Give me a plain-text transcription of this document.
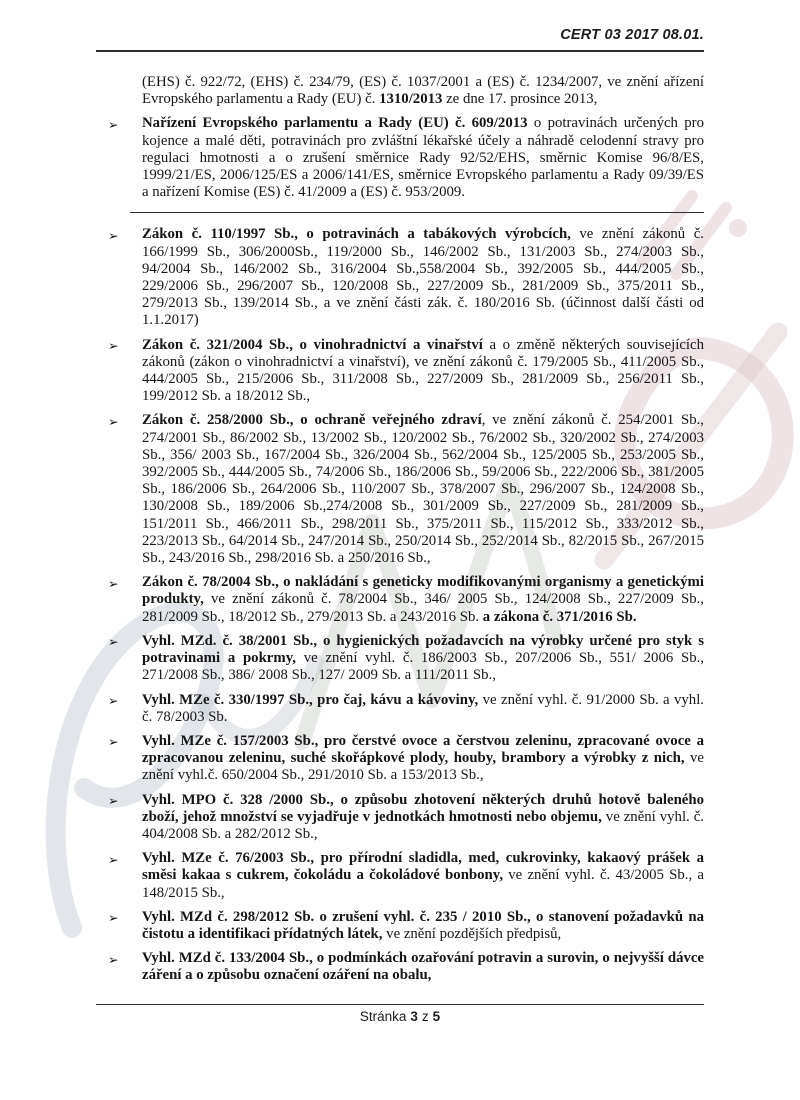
CERT 03 2017 08.01.
(EHS) č. 922/72, (EHS) č. 234/79, (ES) č. 1037/2001 a (ES) č. 1234/2007, ve znění ařízení Evropského parlamentu a Rady (EU) č. 1310/2013 ze dne 17. prosince 2013,
➢ Nařízení Evropského parlamentu a Rady (EU) č. 609/2013 o potravinách určených pro kojence a malé děti, potravinách pro zvláštní lékařské účely a náhradě celodenní stravy pro regulaci hmotnosti a o zrušení směrnice Rady 92/52/EHS, směrnic Komise 96/8/ES, 1999/21/ES, 2006/125/ES a 2006/141/ES, směrnice Evropského parlamentu a Rady 09/39/ES a nařízení Komise (ES) č. 41/2009 a (ES) č. 953/2009.
➢ Zákon č. 110/1997 Sb., o potravinách a tabákových výrobcích, ve znění zákonů č. 166/1999 Sb., 306/2000Sb., 119/2000 Sb., 146/2002 Sb., 131/2003 Sb., 274/2003 Sb., 94/2004 Sb., 146/2002 Sb., 316/2004 Sb.,558/2004 Sb., 392/2005 Sb., 444/2005 Sb., 229/2006 Sb., 296/2007 Sb., 120/2008 Sb., 227/2009 Sb., 281/2009 Sb., 375/2011 Sb., 279/2013 Sb., 139/2014 Sb., a ve znění části zák. č. 180/2016 Sb. (účinnost další části od 1.1.2017)
➢ Zákon č. 321/2004 Sb., o vinohradnictví a vinařství a o změně některých souvisejících zákonů (zákon o vinohradnictví a vinařství), ve znění zákonů č. 179/2005 Sb., 411/2005 Sb., 444/2005 Sb., 215/2006 Sb., 311/2008 Sb., 227/2009 Sb., 281/2009 Sb., 256/2011 Sb., 199/2012 Sb. a 18/2012 Sb.,
➢ Zákon č. 258/2000 Sb., o ochraně veřejného zdraví, ve znění zákonů č. 254/2001 Sb., 274/2001 Sb., 86/2002 Sb., 13/2002 Sb., 120/2002 Sb., 76/2002 Sb., 320/2002 Sb., 274/2003 Sb., 356/ 2003 Sb., 167/2004 Sb., 326/2004 Sb., 562/2004 Sb., 125/2005 Sb., 253/2005 Sb., 392/2005 Sb., 444/2005 Sb., 74/2006 Sb., 186/2006 Sb., 59/2006 Sb., 222/2006 Sb., 381/2005 Sb., 186/2006 Sb., 264/2006 Sb., 110/2007 Sb., 378/2007 Sb., 296/2007 Sb., 124/2008 Sb., 130/2008 Sb., 189/2006 Sb.,274/2008 Sb., 301/2009 Sb., 227/2009 Sb., 281/2009 Sb., 151/2011 Sb., 466/2011 Sb., 298/2011 Sb., 375/2011 Sb., 115/2012 Sb., 333/2012 Sb., 223/2013 Sb., 64/2014 Sb., 247/2014 Sb., 250/2014 Sb., 252/2014 Sb., 82/2015 Sb., 267/2015 Sb., 243/2016 Sb., 298/2016 Sb. a 250/2016 Sb.,
➢ Zákon č. 78/2004 Sb., o nakládání s geneticky modifikovanými organismy a genetickými produkty, ve znění zákonů č. 78/2004 Sb., 346/ 2005 Sb., 124/2008 Sb., 227/2009 Sb., 281/2009 Sb., 18/2012 Sb., 279/2013 Sb. a 243/2016 Sb. a zákona č. 371/2016 Sb.
➢ Vyhl. MZd. č. 38/2001 Sb., o hygienických požadavcích na výrobky určené pro styk s potravinami a pokrmy, ve znění vyhl. č. 186/2003 Sb., 207/2006 Sb., 551/ 2006 Sb., 271/2008 Sb., 386/ 2008 Sb., 127/ 2009 Sb. a 111/2011 Sb.,
➢ Vyhl. MZe č. 330/1997 Sb., pro čaj, kávu a kávoviny, ve znění vyhl. č. 91/2000 Sb. a vyhl. č. 78/2003 Sb.
➢ Vyhl. MZe č. 157/2003 Sb., pro čerstvé ovoce a čerstvou zeleninu, zpracované ovoce a zpracovanou zeleninu, suché skořápkové plody, houby, brambory a výrobky z nich, ve znění vyhl.č. 650/2004 Sb., 291/2010 Sb. a 153/2013 Sb.,
➢ Vyhl. MPO č. 328 /2000 Sb., o způsobu zhotovení některých druhů hotově baleného zboží, jehož množství se vyjadřuje v jednotkách hmotnosti nebo objemu, ve znění vyhl. č. 404/2008 Sb. a 282/2012 Sb.,
➢ Vyhl. MZe č. 76/2003 Sb., pro přírodní sladidla, med, cukrovinky, kakaový prášek a směsi kakaa s cukrem, čokoládu a čokoládové bonbony, ve znění vyhl. č. 43/2005 Sb., a 148/2015 Sb.,
➢ Vyhl. MZd č. 298/2012 Sb. o zrušení vyhl. č. 235 / 2010 Sb., o stanovení požadavků na čistotu a identifikaci přídatných látek, ve znění pozdějších předpisů,
➢ Vyhl. MZd č. 133/2004 Sb., o podmínkách ozařování potravin a surovin, o nejvyšší dávce záření a o způsobu označení ozáření na obalu,
Stránka 3 z 5
